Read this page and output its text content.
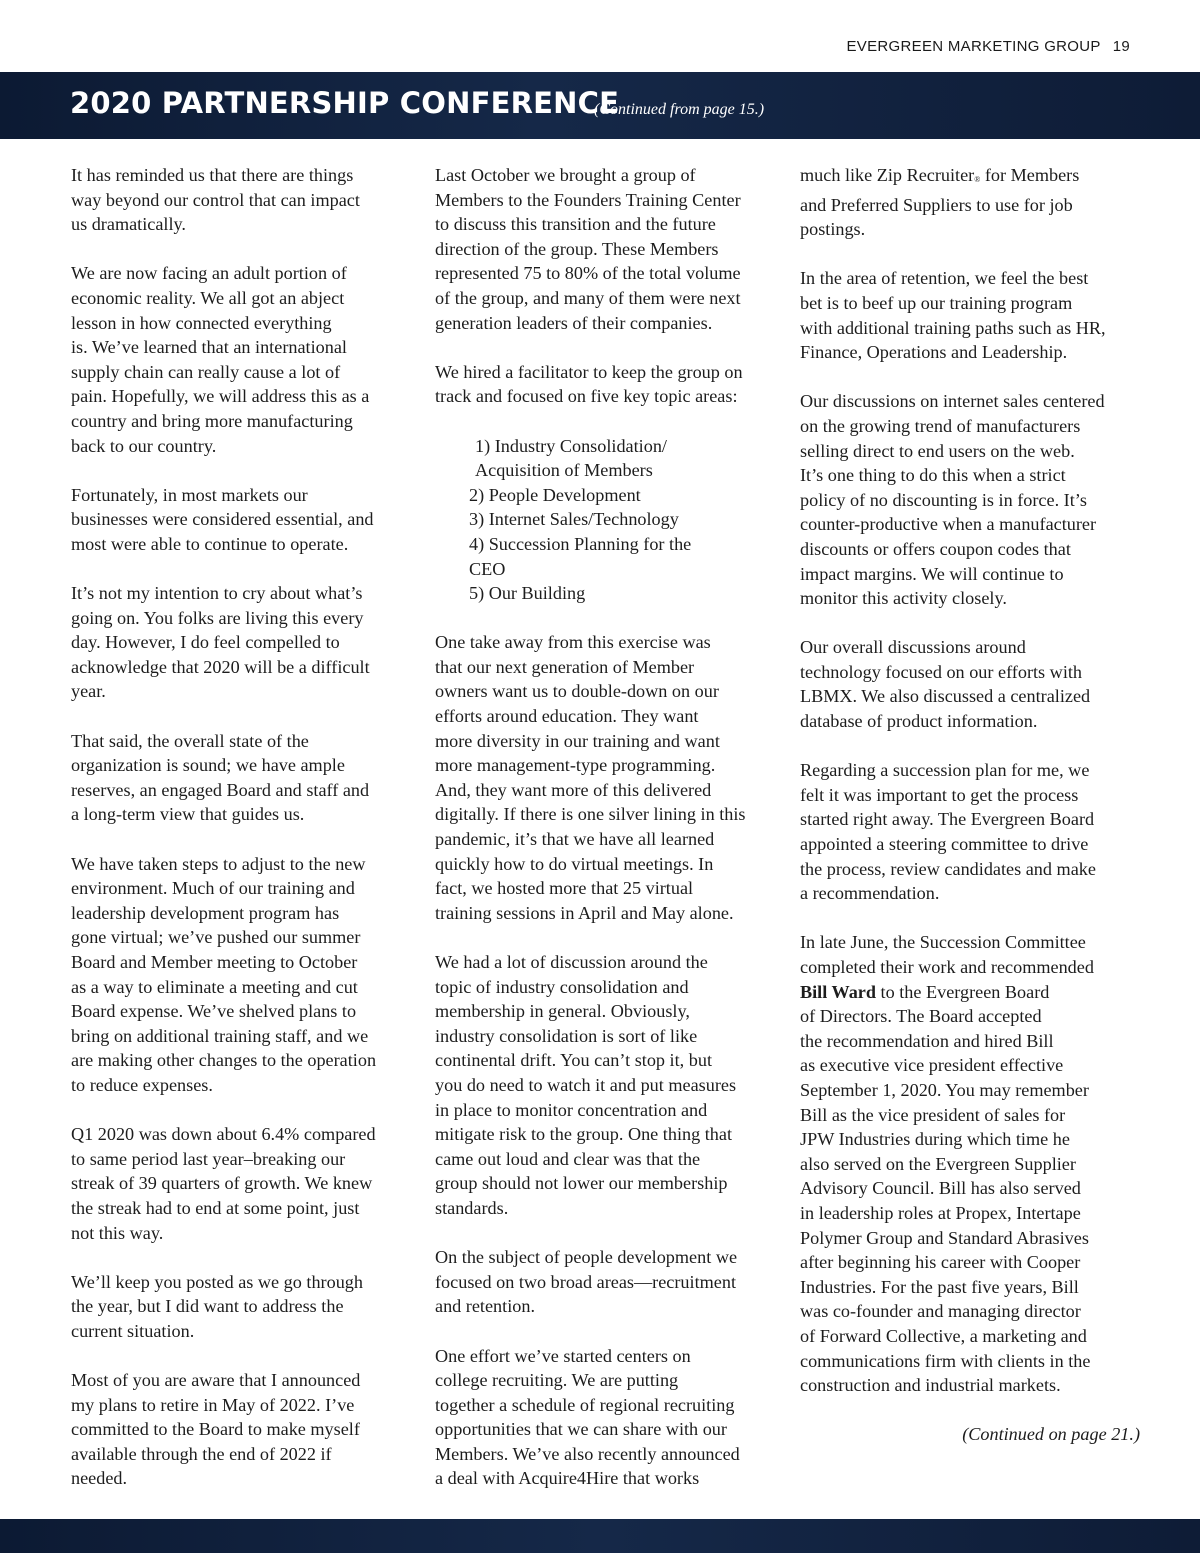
EVERGREEN MARKETING GROUP 19
2020 PARTNERSHIP CONFERENCE
(Continued from page 15.)

It has reminded us that there are things
way beyond our control that can impact
us dramatically.

We are now facing an adult portion of
economic reality. We all got an abject
lesson in how connected everything
is. We’ve learned that an international
supply chain can really cause a lot of
pain. Hopefully, we will address this as a
country and bring more manufacturing
back to our country.

Fortunately, in most markets our
businesses were considered essential, and
most were able to continue to operate.

It’s not my intention to cry about what’s
going on. You folks are living this every
day. However, I do feel compelled to
acknowledge that 2020 will be a difficult
year.

That said, the overall state of the
organization is sound; we have ample
reserves, an engaged Board and staff and
a long-term view that guides us.

We have taken steps to adjust to the new
environment. Much of our training and
leadership development program has
gone virtual; we’ve pushed our summer
Board and Member meeting to October
as a way to eliminate a meeting and cut
Board expense. We’ve shelved plans to
bring on additional training staff, and we
are making other changes to the operation
to reduce expenses.

Q1 2020 was down about 6.4% compared
to same period last year–breaking our
streak of 39 quarters of growth. We knew
the streak had to end at some point, just
not this way.

We’ll keep you posted as we go through
the year, but I did want to address the
current situation.

Most of you are aware that I announced
my plans to retire in May of 2022. I’ve
committed to the Board to make myself
available through the end of 2022 if
needed.

Last October we brought a group of
Members to the Founders Training Center
to discuss this transition and the future
direction of the group. These Members
represented 75 to 80% of the total volume
of the group, and many of them were next
generation leaders of their companies.

We hired a facilitator to keep the group on
track and focused on five key topic areas:

1) Industry Consolidation/
Acquisition of Members
2) People Development
3) Internet Sales/Technology
4) Succession Planning for the
CEO
5) Our Building

One take away from this exercise was
that our next generation of Member
owners want us to double-down on our
efforts around education. They want
more diversity in our training and want
more management-type programming.
And, they want more of this delivered
digitally. If there is one silver lining in this
pandemic, it’s that we have all learned
quickly how to do virtual meetings. In
fact, we hosted more that 25 virtual
training sessions in April and May alone.

We had a lot of discussion around the
topic of industry consolidation and
membership in general. Obviously,
industry consolidation is sort of like
continental drift. You can’t stop it, but
you do need to watch it and put measures
in place to monitor concentration and
mitigate risk to the group. One thing that
came out loud and clear was that the
group should not lower our membership
standards.

On the subject of people development we
focused on two broad areas—recruitment
and retention.

One effort we’ve started centers on
college recruiting. We are putting
together a schedule of regional recruiting
opportunities that we can share with our
Members. We’ve also recently announced
a deal with Acquire4Hire that works

much like Zip Recruiter® for Members
and Preferred Suppliers to use for job
postings.

In the area of retention, we feel the best
bet is to beef up our training program
with additional training paths such as HR,
Finance, Operations and Leadership.

Our discussions on internet sales centered
on the growing trend of manufacturers
selling direct to end users on the web.
It’s one thing to do this when a strict
policy of no discounting is in force. It’s
counter-productive when a manufacturer
discounts or offers coupon codes that
impact margins. We will continue to
monitor this activity closely.

Our overall discussions around
technology focused on our efforts with
LBMX. We also discussed a centralized
database of product information.

Regarding a succession plan for me, we
felt it was important to get the process
started right away. The Evergreen Board
appointed a steering committee to drive
the process, review candidates and make
a recommendation.

In late June, the Succession Committee
completed their work and recommended
Bill Ward to the Evergreen Board
of Directors. The Board accepted
the recommendation and hired Bill
as executive vice president effective
September 1, 2020. You may remember
Bill as the vice president of sales for
JPW Industries during which time he
also served on the Evergreen Supplier
Advisory Council. Bill has also served
in leadership roles at Propex, Intertape
Polymer Group and Standard Abrasives
after beginning his career with Cooper
Industries. For the past five years, Bill
was co-founder and managing director
of Forward Collective, a marketing and
communications firm with clients in the
construction and industrial markets.

(Continued on page 21.)
